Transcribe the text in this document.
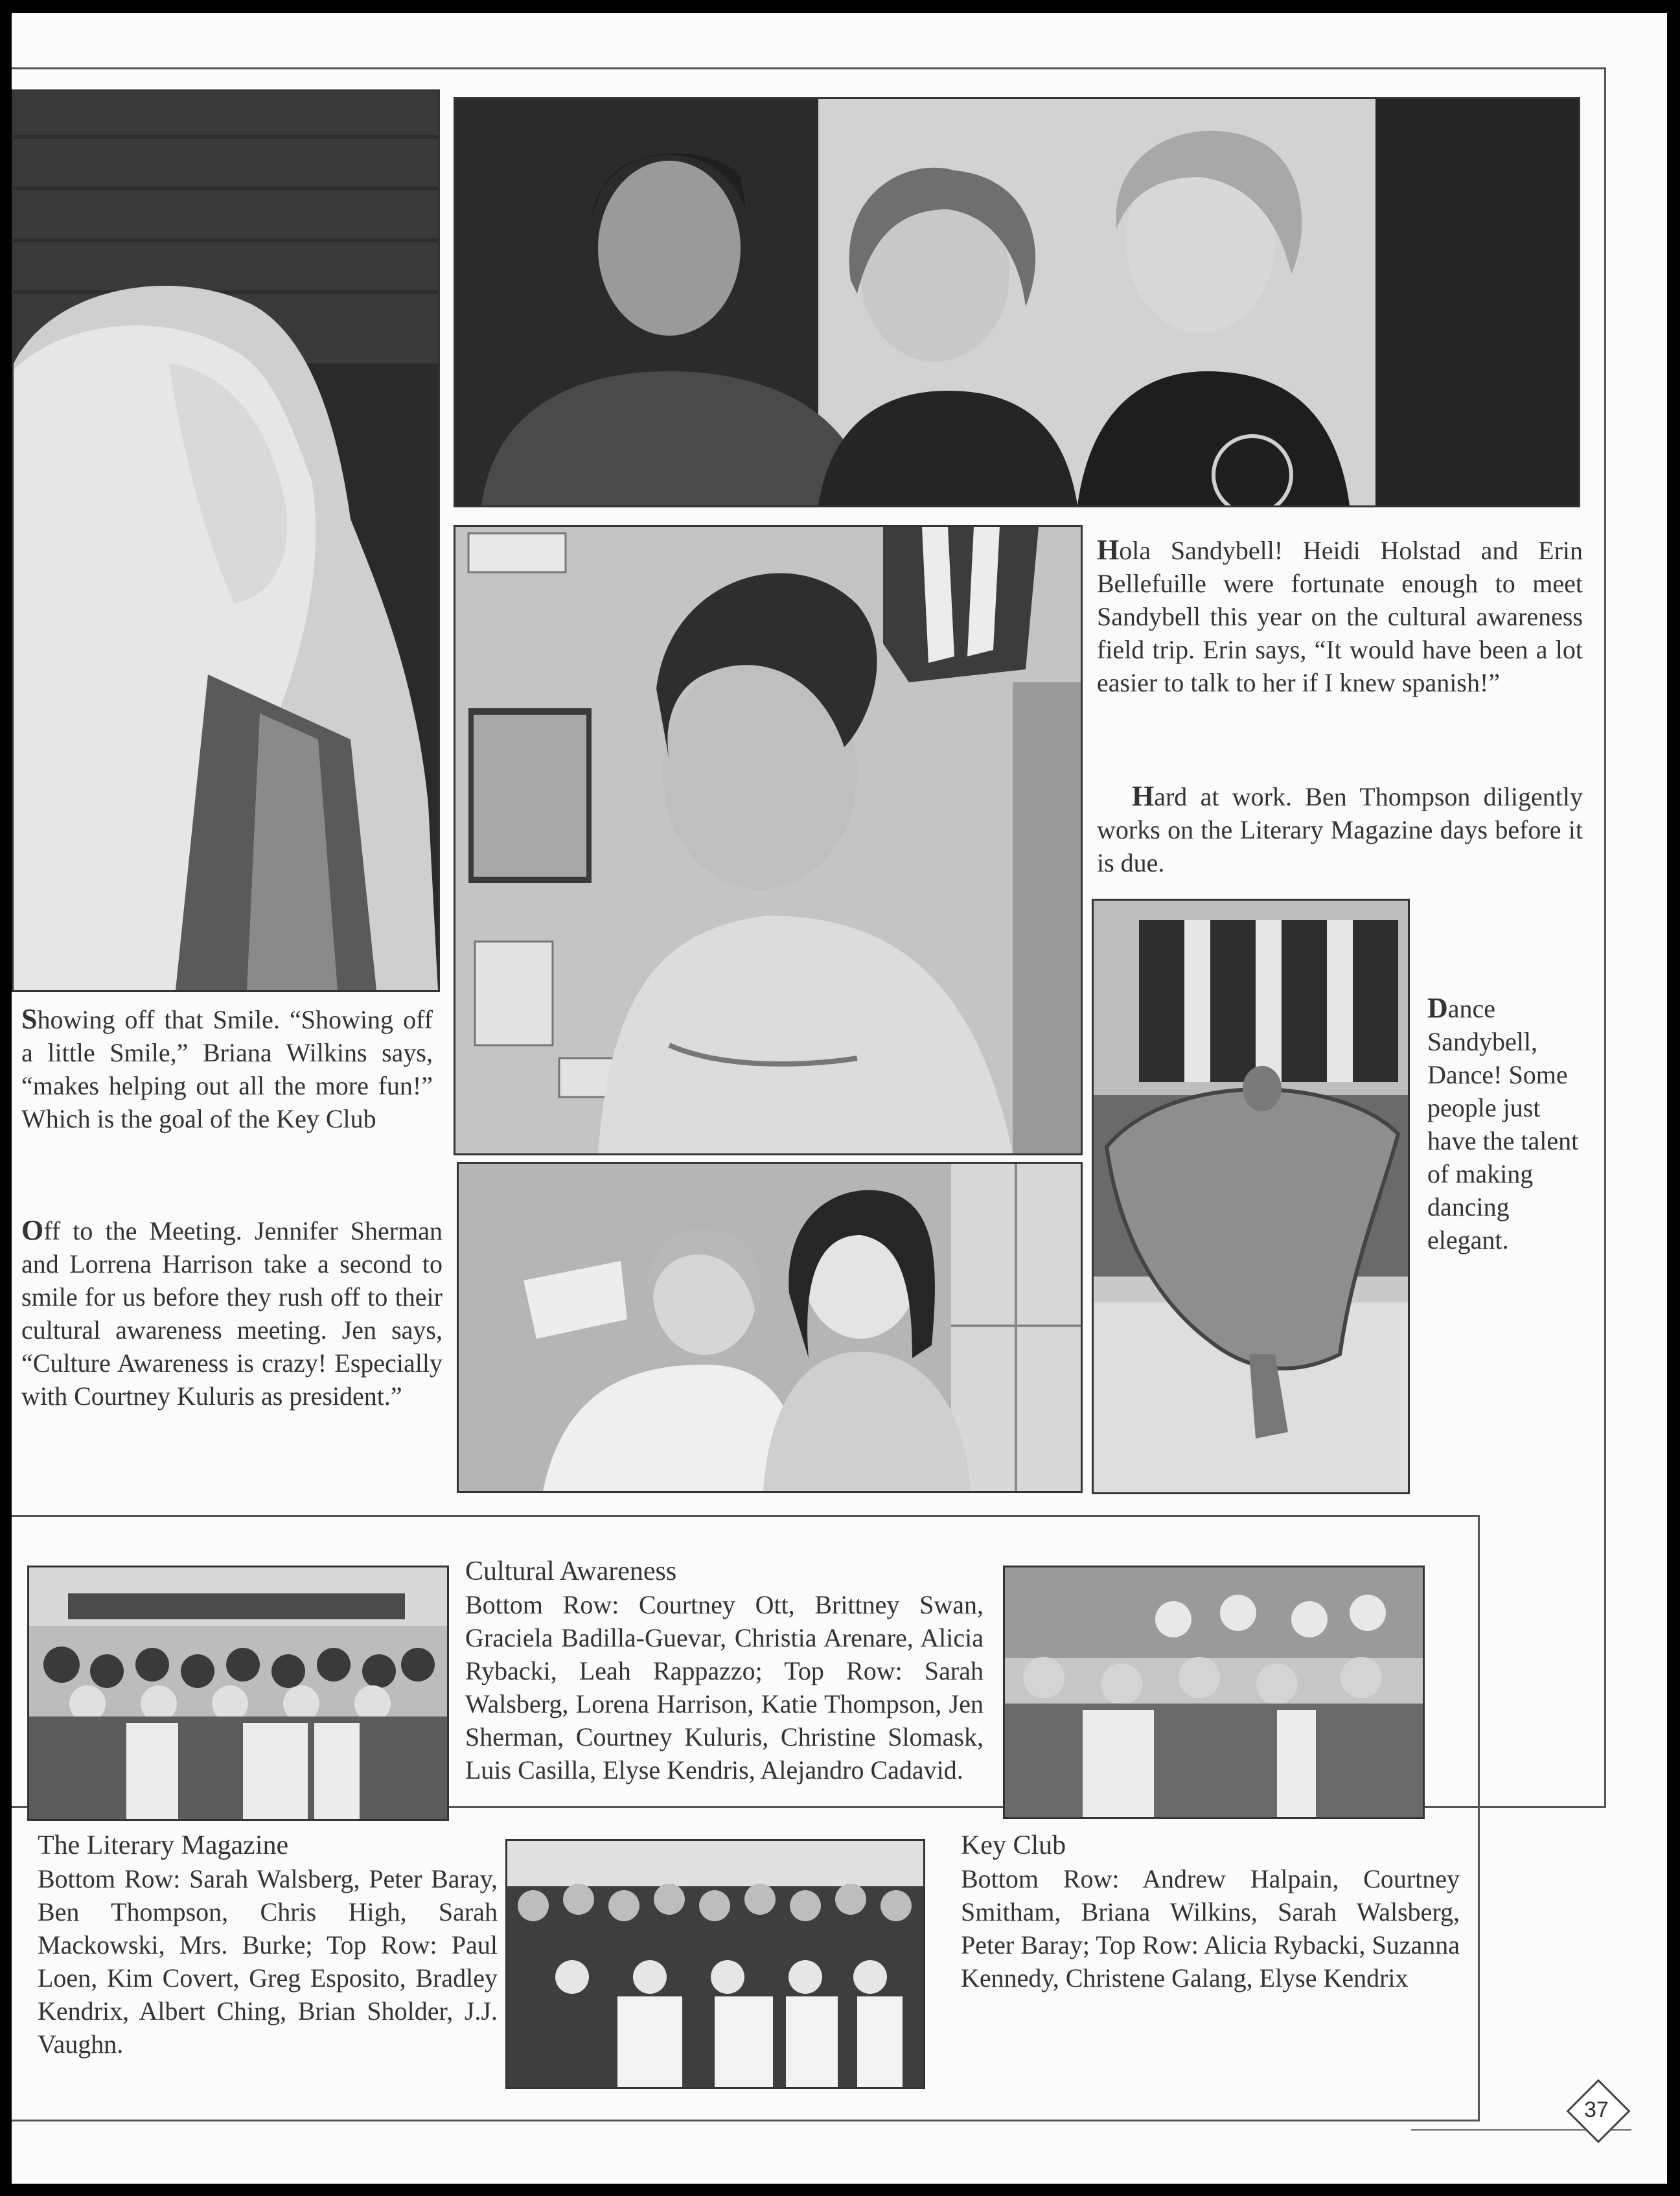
Showing off that Smile. “Showing off a little Smile,” Briana Wilkins says, “makes helping out all the more fun!” Which is the goal of the Key Club

Off to the Meeting. Jennifer Sherman and Lorrena Harrison take a second to smile for us before they rush off to their cultural awareness meeting. Jen says, “Culture Awareness is crazy! Especially with Courtney Kuluris as president.”

Hola Sandybell! Heidi Holstad and Erin Bellefuille were fortunate enough to meet Sandybell this year on the cultural awareness field trip. Erin says, “It would have been a lot easier to talk to her if I knew spanish!”

Hard at work. Ben Thompson diligently works on the Literary Magazine days before it is due.

Dance Sandybell, Dance! Some people just have the talent of making dancing elegant.

Cultural Awareness
Bottom Row: Courtney Ott, Brittney Swan, Graciela Badilla-Guevar, Christia Arenare, Alicia Rybacki, Leah Rappazzo; Top Row: Sarah Walsberg, Lorena Harrison, Katie Thompson, Jen Sherman, Courtney Kuluris, Christine Slomask, Luis Casilla, Elyse Kendris, Alejandro Cadavid.
The Literary Magazine
Bottom Row: Sarah Walsberg, Peter Baray, Ben Thompson, Chris High, Sarah Mackowski, Mrs. Burke; Top Row: Paul Loen, Kim Covert, Greg Esposito, Bradley Kendrix, Albert Ching, Brian Sholder, J.J. Vaughn.
Key Club
Bottom Row: Andrew Halpain, Courtney Smitham, Briana Wilkins, Sarah Walsberg, Peter Baray; Top Row: Alicia Rybacki, Suzanna Kennedy, Christene Galang, Elyse Kendrix
37
